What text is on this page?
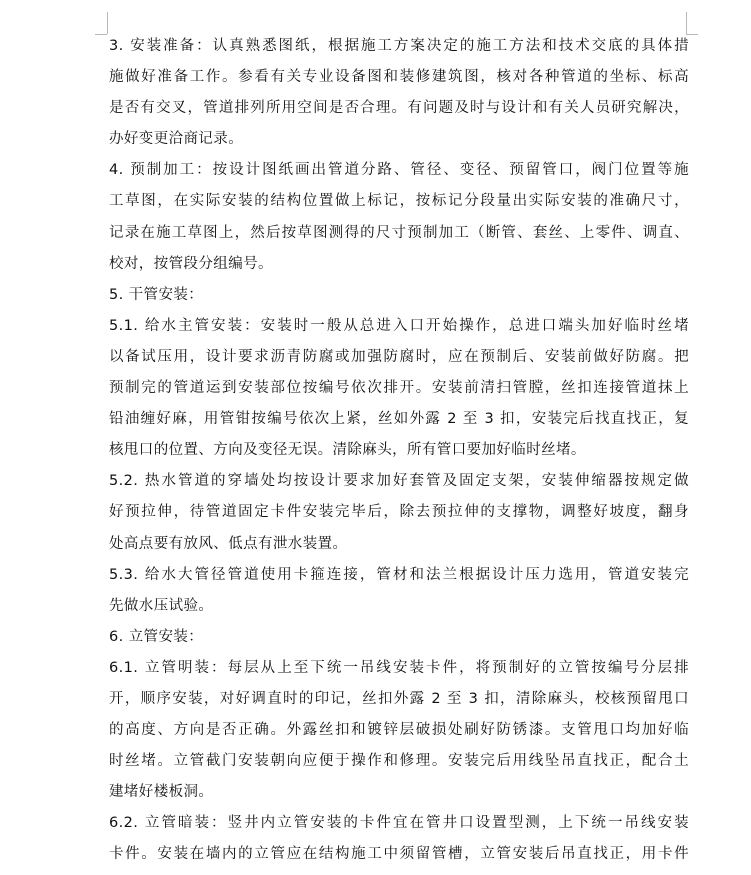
3. 安装准备：认真熟悉图纸，根据施工方案决定的施工方法和技术交底的具体措
施做好准备工作。参看有关专业设备图和装修建筑图，核对各种管道的坐标、标高
是否有交叉，管道排列所用空间是否合理。有问题及时与设计和有关人员研究解决，
办好变更洽商记录。
4. 预制加工：按设计图纸画出管道分路、管径、变径、预留管口，阀门位置等施
工草图，在实际安装的结构位置做上标记，按标记分段量出实际安装的准确尺寸，
记录在施工草图上，然后按草图测得的尺寸预制加工（断管、套丝、上零件、调直、
校对，按管段分组编号。
5. 干管安装：
5.1. 给水主管安装：安装时一般从总进入口开始操作，总进口端头加好临时丝堵
以备试压用，设计要求沥青防腐或加强防腐时，应在预制后、安装前做好防腐。把
预制完的管道运到安装部位按编号依次排开。安装前清扫管膛，丝扣连接管道抹上
铅油缠好麻，用管钳按编号依次上紧，丝如外露 2 至 3 扣，安装完后找直找正，复
核甩口的位置、方向及变径无误。清除麻头，所有管口要加好临时丝堵。
5.2. 热水管道的穿墙处均按设计要求加好套管及固定支架，安装伸缩器按规定做
好预拉伸，待管道固定卡件安装完毕后，除去预拉伸的支撑物，调整好坡度，翻身
处高点要有放风、低点有泄水装置。
5.3. 给水大管径管道使用卡箍连接，管材和法兰根据设计压力选用，管道安装完
先做水压试验。
6. 立管安装：
6.1. 立管明装：每层从上至下统一吊线安装卡件，将预制好的立管按编号分层排
开，顺序安装，对好调直时的印记，丝扣外露 2 至 3 扣，清除麻头，校核预留甩口
的高度、方向是否正确。外露丝扣和镀锌层破损处刷好防锈漆。支管甩口均加好临
时丝堵。立管截门安装朝向应便于操作和修理。安装完后用线坠吊直找正，配合土
建堵好楼板洞。
6.2. 立管暗装：竖井内立管安装的卡件宜在管井口设置型测，上下统一吊线安装
卡件。安装在墙内的立管应在结构施工中须留管槽，立管安装后吊直找正，用卡件
